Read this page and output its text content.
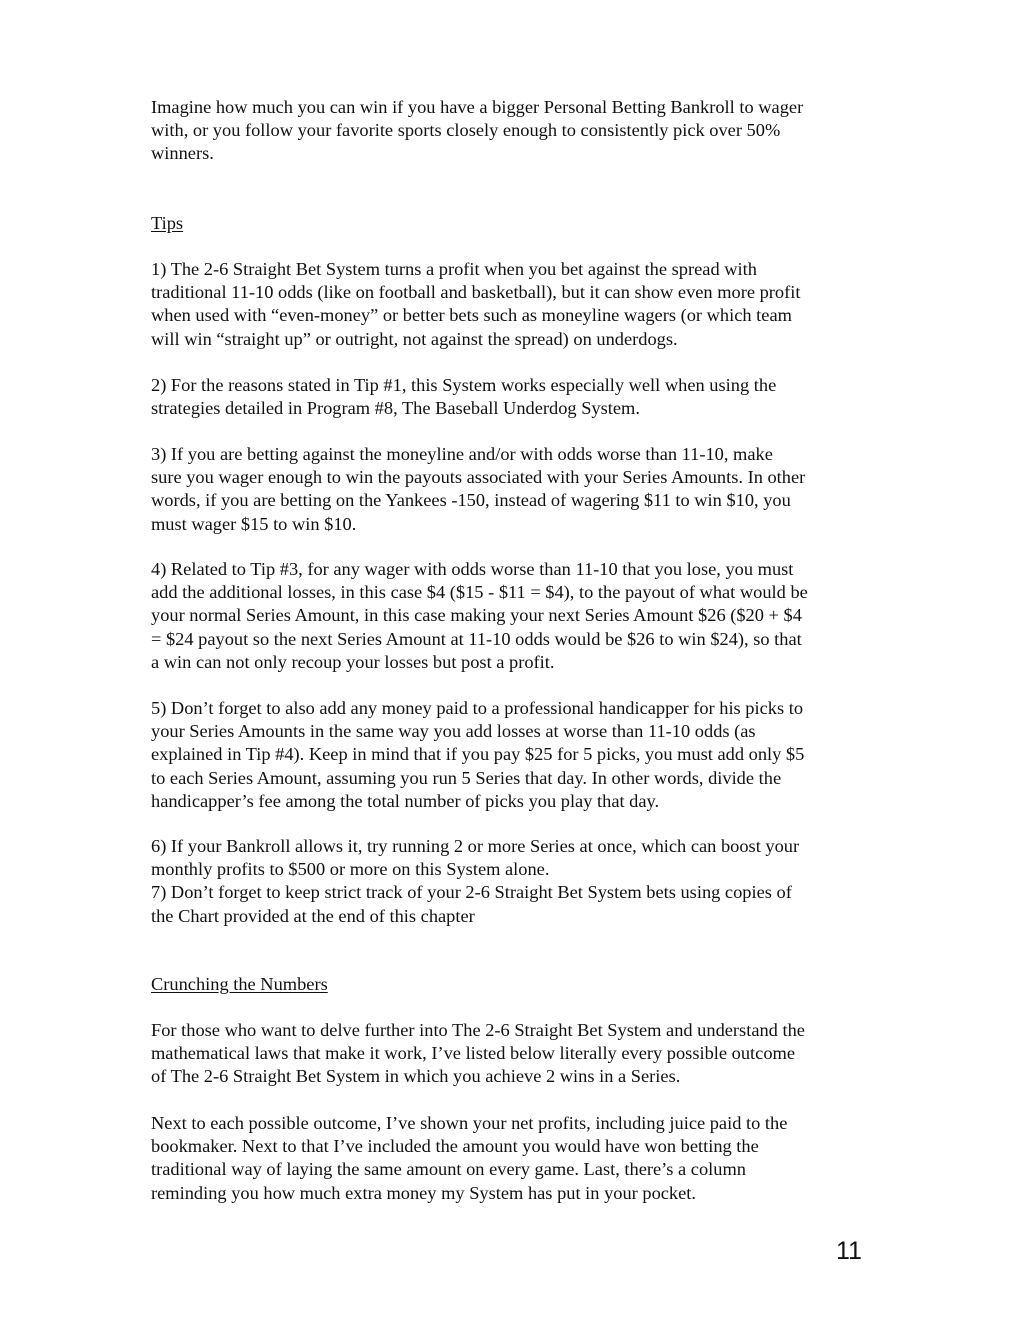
Imagine how much you can win if you have a bigger Personal Betting Bankroll to wager
with, or you follow your favorite sports closely enough to consistently pick over 50%
winners.
Tips
1) The 2-6 Straight Bet System turns a profit when you bet against the spread with
traditional 11-10 odds (like on football and basketball), but it can show even more profit
when used with “even-money” or better bets such as moneyline wagers (or which team
will win “straight up” or outright, not against the spread) on underdogs.
2) For the reasons stated in Tip #1, this System works especially well when using the
strategies detailed in Program #8, The Baseball Underdog System.
3) If you are betting against the moneyline and/or with odds worse than 11-10, make
sure you wager enough to win the payouts associated with your Series Amounts. In other
words, if you are betting on the Yankees -150, instead of wagering $11 to win $10, you
must wager $15 to win $10.
4) Related to Tip #3, for any wager with odds worse than 11-10 that you lose, you must
add the additional losses, in this case $4 ($15 - $11 = $4), to the payout of what would be
your normal Series Amount, in this case making your next Series Amount $26 ($20 + $4
= $24 payout so the next Series Amount at 11-10 odds would be $26 to win $24), so that
a win can not only recoup your losses but post a profit.
5) Don’t forget to also add any money paid to a professional handicapper for his picks to
your Series Amounts in the same way you add losses at worse than 11-10 odds (as
explained in Tip #4). Keep in mind that if you pay $25 for 5 picks, you must add only $5
to each Series Amount, assuming you run 5 Series that day. In other words, divide the
handicapper’s fee among the total number of picks you play that day.
6) If your Bankroll allows it, try running 2 or more Series at once, which can boost your
monthly profits to $500 or more on this System alone.
7) Don’t forget to keep strict track of your 2-6 Straight Bet System bets using copies of
the Chart provided at the end of this chapter
Crunching the Numbers
For those who want to delve further into The 2-6 Straight Bet System and understand the
mathematical laws that make it work, I’ve listed below literally every possible outcome
of The 2-6 Straight Bet System in which you achieve 2 wins in a Series.
Next to each possible outcome, I’ve shown your net profits, including juice paid to the
bookmaker. Next to that I’ve included the amount you would have won betting the
traditional way of laying the same amount on every game. Last, there’s a column
reminding you how much extra money my System has put in your pocket.
11
